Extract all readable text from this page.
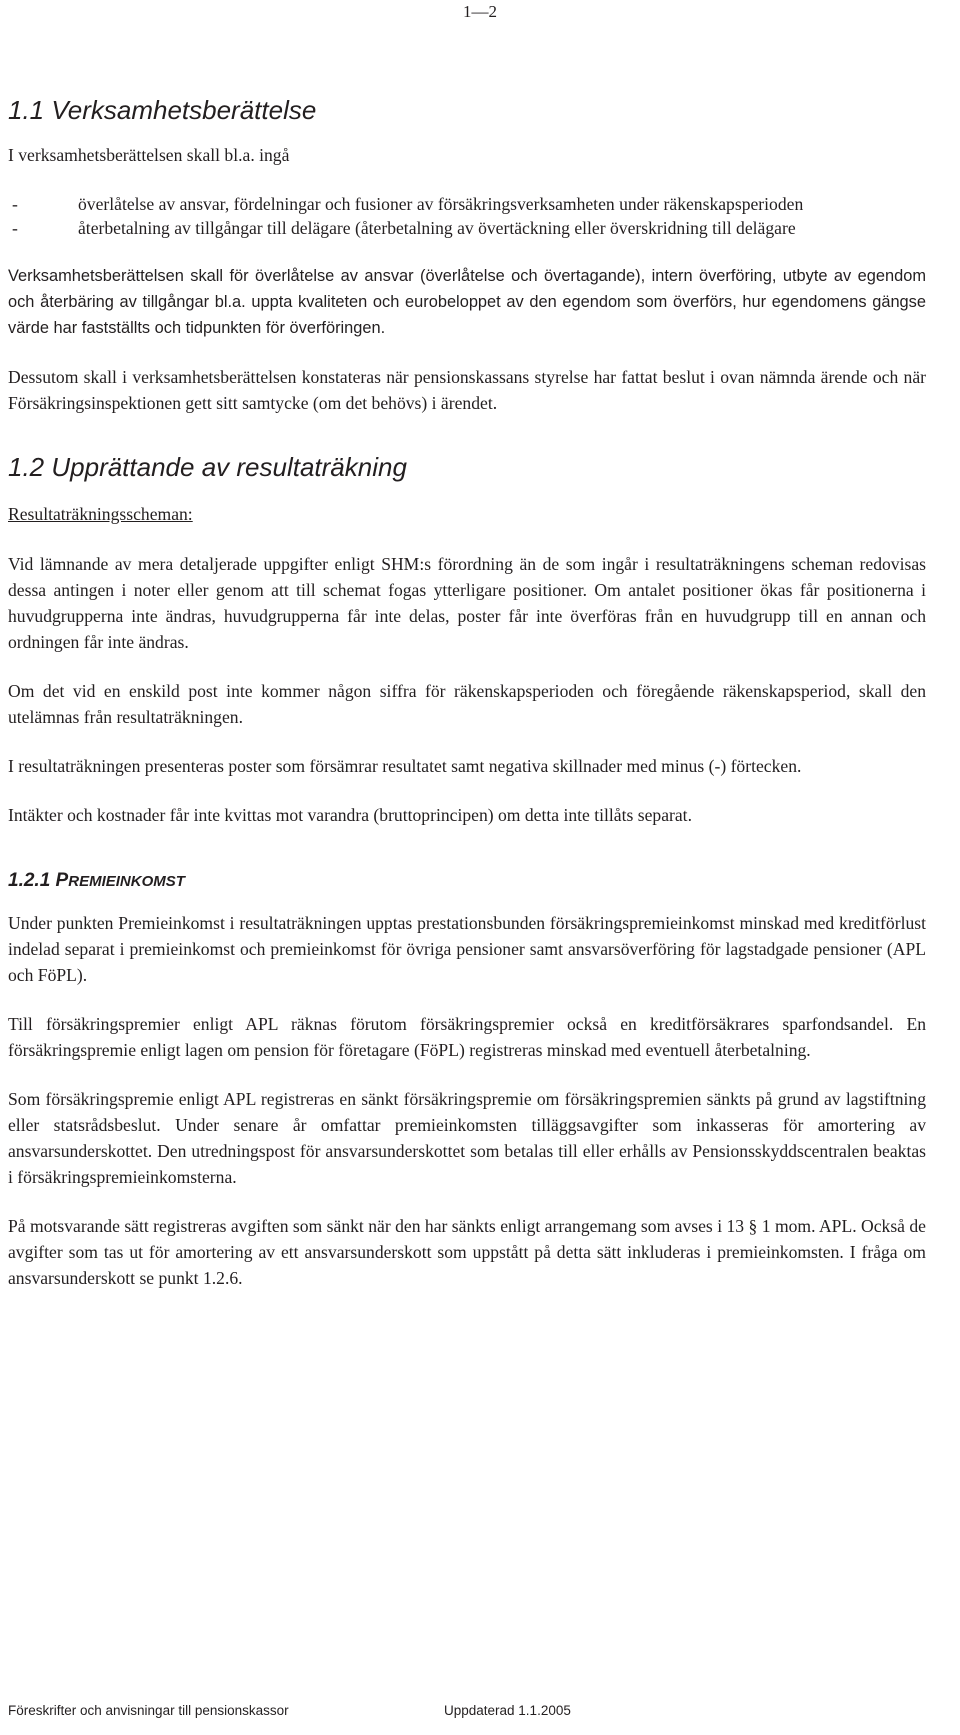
1—2
1.1 Verksamhetsberättelse

I verksamhetsberättelsen skall bl.a. ingå

-	överlåtelse av ansvar, fördelningar och fusioner av försäkringsverksamheten under räkenskapsperioden
-	återbetalning av tillgångar till delägare (återbetalning av övertäckning eller överskridning till delägare

Verksamhetsberättelsen skall för överlåtelse av ansvar (överlåtelse och övertagande), intern överföring, utbyte av egendom och återbäring av tillgångar bl.a. uppta kvaliteten och eurobeloppet av den egendom som överförs, hur egendomens gängse värde har fastställts och tidpunkten för överföringen.

Dessutom skall i verksamhetsberättelsen konstateras när pensionskassans styrelse har fattat beslut i ovan nämnda ärende och när Försäkringsinspektionen gett sitt samtycke (om det behövs) i ärendet.

1.2 Upprättande av resultaträkning
Resultaträkningsscheman:

Vid lämnande av mera detaljerade uppgifter enligt SHM:s förordning än de som ingår i resultaträkningens scheman redovisas dessa antingen i noter eller genom att till schemat fogas ytterligare positioner. Om antalet positioner ökas får positionerna i huvudgrupperna inte ändras, huvudgrupperna får inte delas, poster får inte överföras från en huvudgrupp till en annan och ordningen får inte ändras.

Om det vid en enskild post inte kommer någon siffra för räkenskapsperioden och föregående räkenskapsperiod, skall den utelämnas från resultaträkningen.

I resultaträkningen presenteras poster som försämrar resultatet samt negativa skillnader med minus (-) förtecken.

Intäkter och kostnader får inte kvittas mot varandra (bruttoprincipen) om detta inte tillåts separat.

1.2.1 PREMIEINKOMST

Under punkten Premieinkomst i resultaträkningen upptas prestationsbunden försäkringspremieinkomst minskad med kreditförlust indelad separat i premieinkomst och premieinkomst för övriga pensioner samt ansvarsöverföring för lagstadgade pensioner (APL och FöPL).

Till försäkringspremier enligt APL räknas förutom försäkringspremier också en kreditförsäkrares sparfondsandel. En försäkringspremie enligt lagen om pension för företagare (FöPL) registreras minskad med eventuell återbetalning.

Som försäkringspremie enligt APL registreras en sänkt försäkringspremie om försäkringspremien sänkts på grund av lagstiftning eller statsrådsbeslut. Under senare år omfattar premieinkomsten tilläggsavgifter som inkasseras för amortering av ansvarsunderskottet. Den utredningspost för ansvarsunderskottet som betalas till eller erhålls av Pensionsskyddscentralen beaktas i försäkringspremieinkomsterna.

På motsvarande sätt registreras avgiften som sänkt när den har sänkts enligt arrangemang som avses i 13 § 1 mom. APL. Också de avgifter som tas ut för amortering av ett ansvarsunderskott som uppstått på detta sätt inkluderas i premieinkomsten. I fråga om ansvarsunderskott se punkt 1.2.6.

Föreskrifter och anvisningar till pensionskassor	Uppdaterad 1.1.2005
